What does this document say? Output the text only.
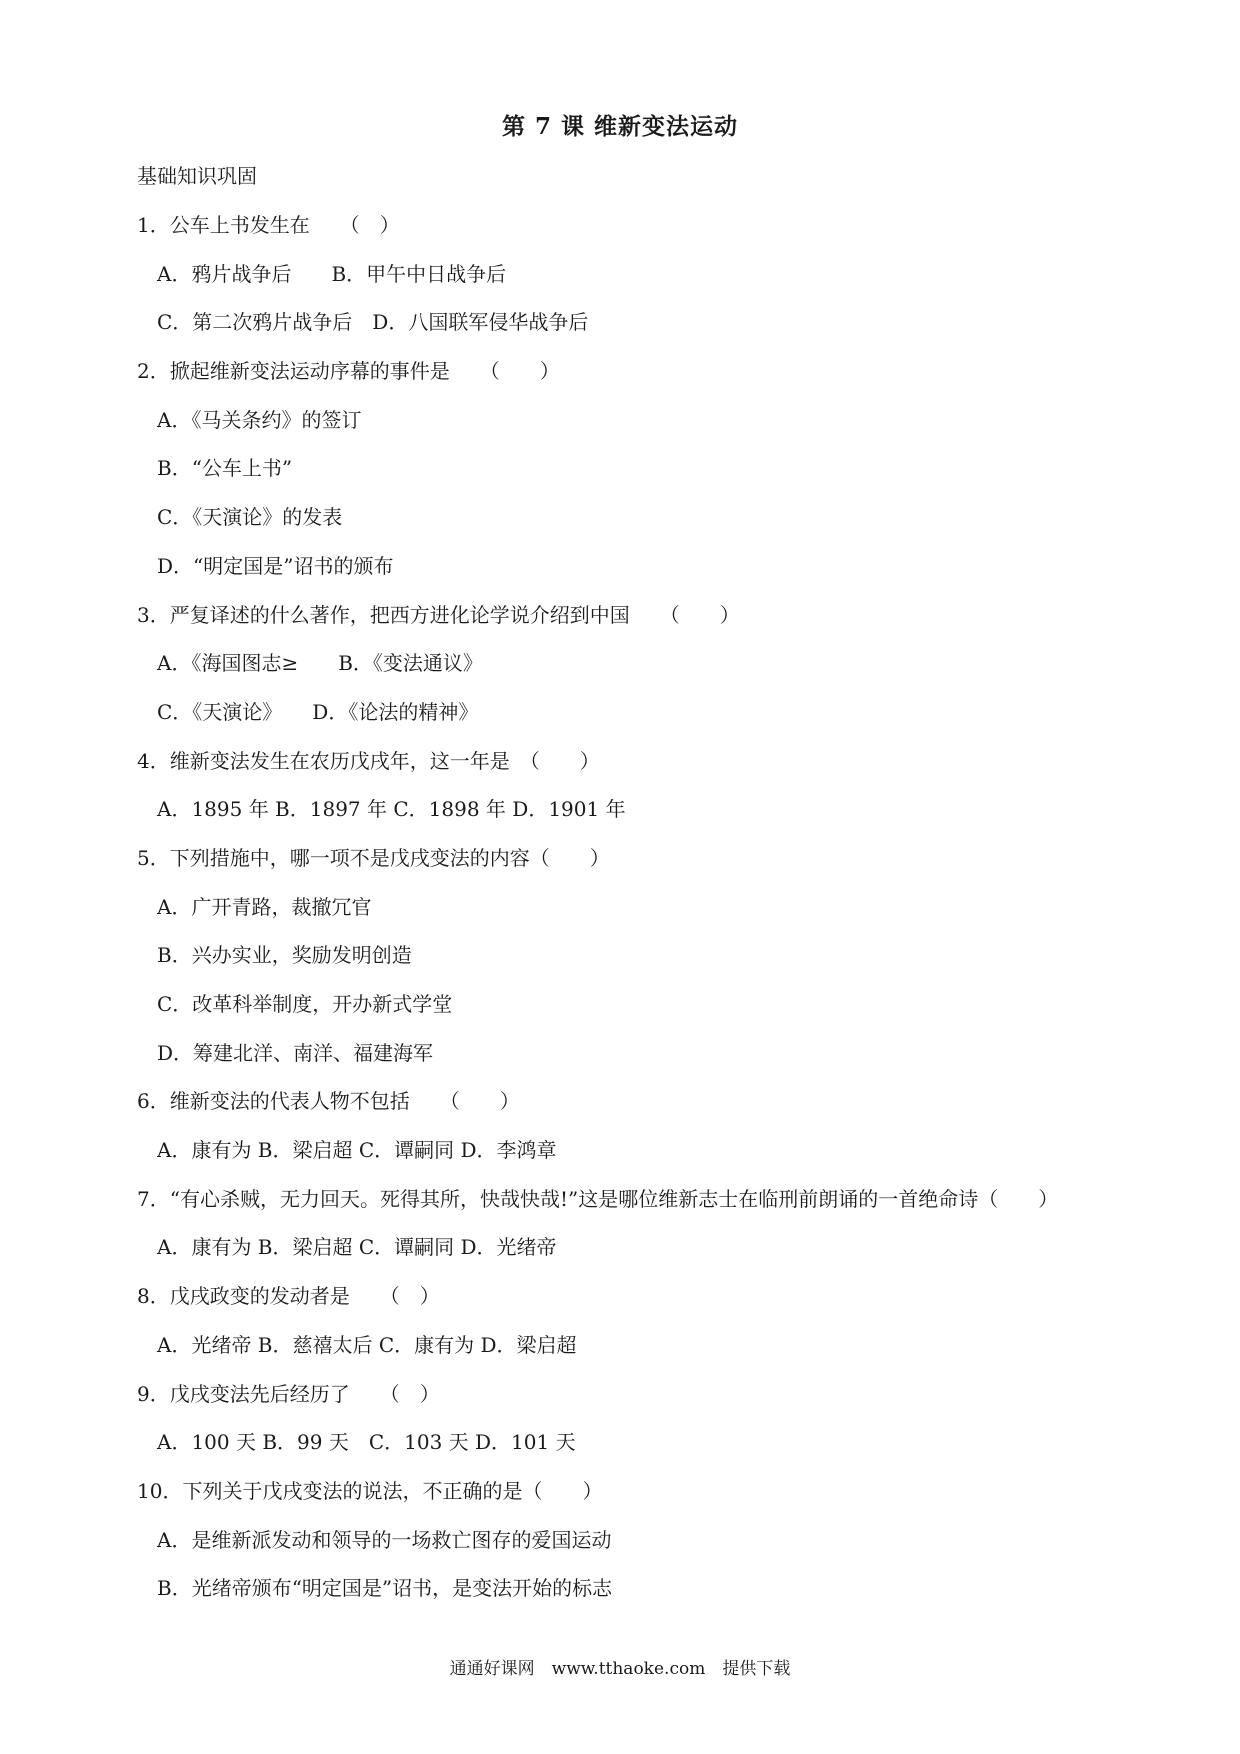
第 7 课 维新变法运动
基础知识巩固
1．公车上书发生在　　（　）
A．鸦片战争后　　B．甲午中日战争后
C．第二次鸦片战争后　D．八国联军侵华战争后
2．掀起维新变法运动序幕的事件是　　（　　）
A．《马关条约》的签订
B．“公车上书”
C．《天演论》的发表
D．“明定国是”诏书的颁布
3．严复译述的什么著作，把西方进化论学说介绍到中国　　（　　）
A．《海国图志≥　　B．《变法通议》
C．《天演论》　　D．《论法的精神》
4．维新变法发生在农历戊戌年，这一年是　（　　）
A．1895 年 B．1897 年 C．1898 年 D．1901 年
5．下列措施中，哪一项不是戊戌变法的内容（　　）
A．广开青路，裁撤冗官
B．兴办实业，奖励发明创造
C．改革科举制度，开办新式学堂
D．筹建北洋、南洋、福建海军
6．维新变法的代表人物不包括　　（　　）
A．康有为 B．梁启超 C．谭嗣同 D．李鸿章
7．“有心杀贼，无力回天。死得其所，快哉快哉!”这是哪位维新志士在临刑前朗诵的一首绝命诗（　　）
A．康有为 B．梁启超 C．谭嗣同 D．光绪帝
8．戊戌政变的发动者是　　（　）
A．光绪帝 B．慈禧太后 C．康有为 D．梁启超
9．戊戌变法先后经历了　　（　）
A．100 天 B．99 天　C．103 天 D．101 天
10．下列关于戊戌变法的说法，不正确的是（　　）
A．是维新派发动和领导的一场救亡图存的爱国运动
B．光绪帝颁布“明定国是”诏书，是变法开始的标志
通通好课网　www.tthaoke.com　提供下载
